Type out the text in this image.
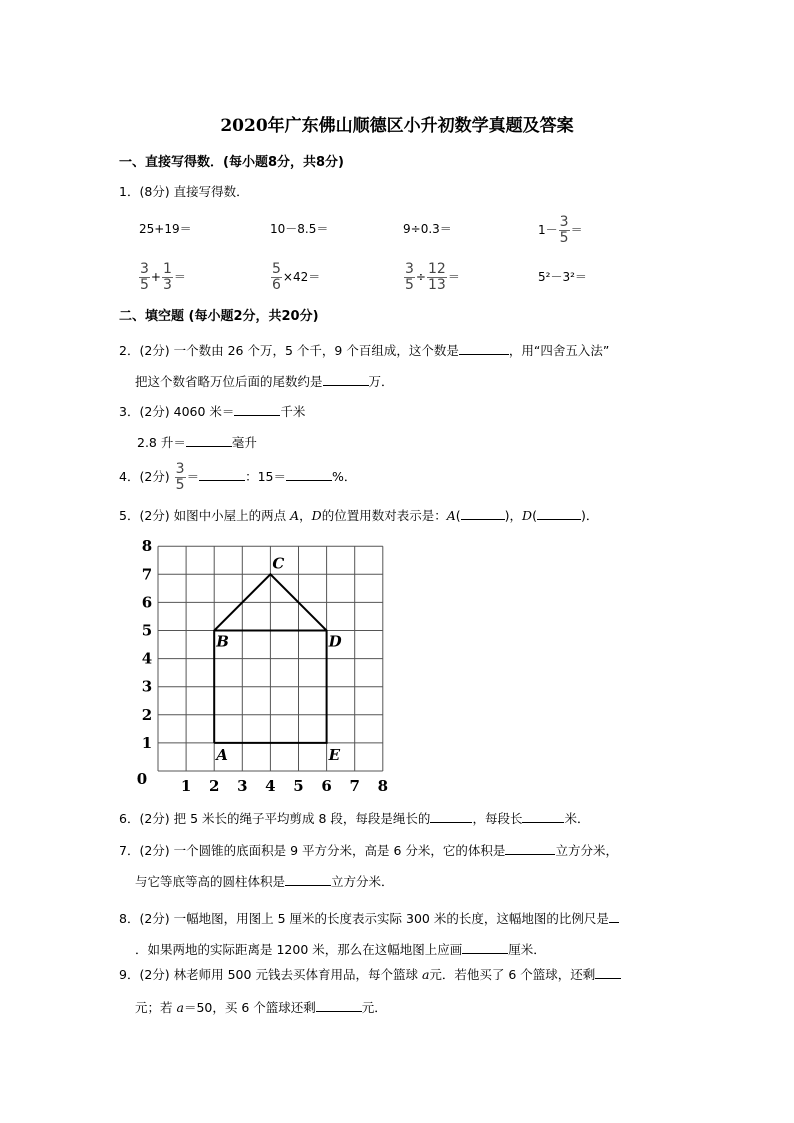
2020年广东佛山顺德区小升初数学真题及答案
一、直接写得数．(每小题8分，共8分)
1．(8分) 直接写得数．
25+19＝	10－8.5＝	9÷0.3＝	$1- \frac{3}{5}$ ＝
$\frac{3}{5} + \frac{1}{3}$ ＝	$\frac{5}{6} \times 42=$	$\frac{3}{5} \div \frac{12}{13}$ ＝	5²－3²＝
二、填空题 (每小题2分，共20分)
2．(2分) 一个数由 26 个万，5 个千，9 个百组成，这个数是	，用“四舍五入法”
把这个数省略万位后面的尾数约是	万．
3．(2分) 4060 米＝	千米
2.8 升＝	毫升
4．(2分) $\frac{3}{5}$ ＝	：15＝	%．
5．(2分) 如图中小屋上的两点 A，D的位置用数对表示是：A(	)，D(	)．
0 1 2 3 4 5 6 7 8
1
2
3
4
5
6
7
8
A
B
C
D
E
6．(2分) 把 5 米长的绳子平均剪成 8 段，每段是绳长的	，每段长	米．
7．(2分) 一个圆锥的底面积是 9 平方分米，高是 6 分米，它的体积是	立方分米，
与它等底等高的圆柱体积是	立方分米．
8．(2分) 一幅地图，用图上 5 厘米的长度表示实际 300 米的长度，这幅地图的比例尺是
．如果两地的实际距离是 1200 米，那么在这幅地图上应画	厘米．
9．(2分) 林老师用 500 元钱去买体育用品，每个篮球 a元．若他买了 6 个篮球，还剩
元；若 a＝50，买 6 个篮球还剩	元．
